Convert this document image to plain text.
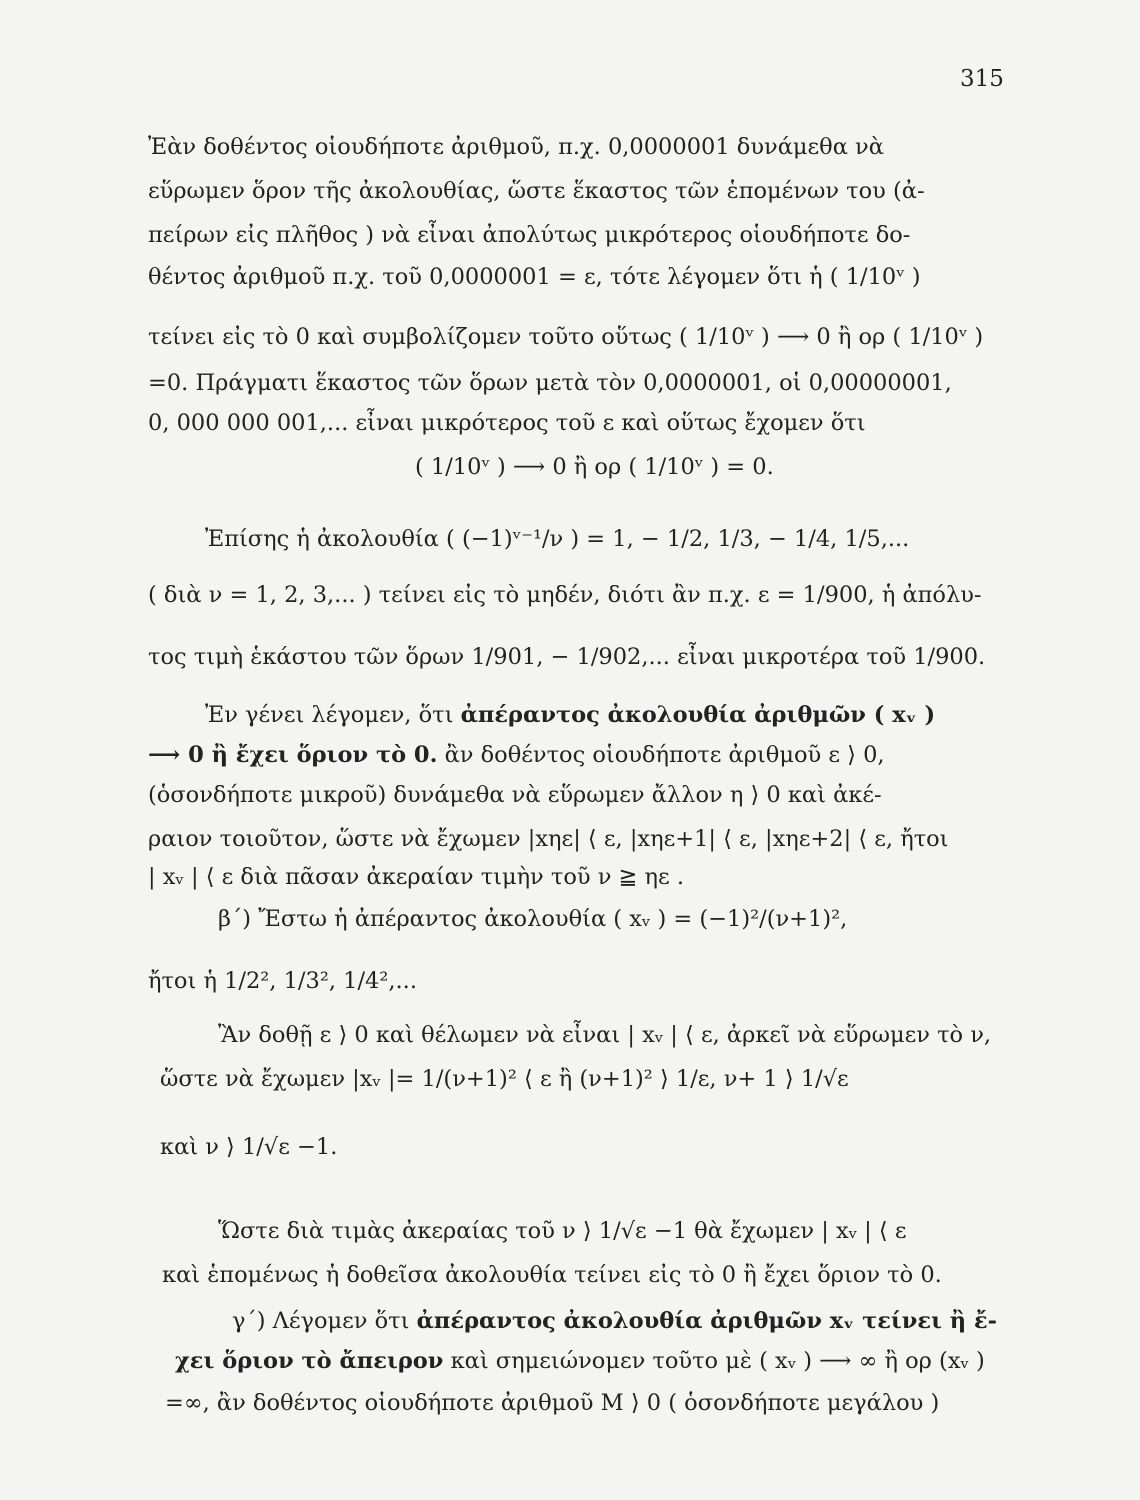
315
Ἐὰν δοθέντος οἱουδήποτε ἀριθμοῦ, π.χ. 0,0000001 δυνάμεθα νὰ
εὕρωμεν ὅρον τῆς ἀκολουθίας, ὥστε ἕκαστος τῶν ἑπομένων του (ἀ-
πείρων εἰς πλῆθος ) νὰ εἶναι ἀπολύτως μικρότερος οἱουδήποτε δο-
θέντος ἀριθμοῦ π.χ. τοῦ 0,0000001 = ε, τότε λέγομεν ὅτι ἡ ( 1/10ᵛ )
τείνει εἰς τὸ 0 καὶ συμβολίζομεν τοῦτο οὕτως ( 1/10ᵛ ) ⟶ 0 ἢ ορ ( 1/10ᵛ )
=0. Πράγματι ἕκαστος τῶν ὅρων μετὰ τὸν 0,0000001, οἱ 0,00000001,
0, 000 000 001,... εἶναι μικρότερος τοῦ ε καὶ οὕτως ἔχομεν ὅτι
( 1/10ᵛ ) ⟶ 0 ἢ ορ ( 1/10ᵛ ) = 0.
Ἐπίσης ἡ ἀκολουθία ( (−1)ᵛ⁻¹/ν ) = 1, − 1/2, 1/3, − 1/4, 1/5,...
( διὰ ν = 1, 2, 3,... ) τείνει εἰς τὸ μηδέν, διότι ἂν π.χ. ε = 1/900, ἡ ἀπόλυ-
τος τιμὴ ἑκάστου τῶν ὅρων 1/901, − 1/902,... εἶναι μικροτέρα τοῦ 1/900.
Ἐν γένει λέγομεν, ὅτι ἀπέραντος ἀκολουθία ἀριθμῶν ( xᵥ )
⟶ 0 ἢ ἔχει ὅριον τὸ 0. ἂν δοθέντος οἱουδήποτε ἀριθμοῦ ε ⟩ 0,
(ὁσονδήποτε μικροῦ) δυνάμεθα νὰ εὕρωμεν ἄλλον η ⟩ 0 καὶ ἀκέ-
ραιον τοιοῦτον, ὥστε νὰ ἔχωμεν |xηε| ⟨ ε, |xηε+1| ⟨ ε, |xηε+2| ⟨ ε, ἤτοι
| xᵥ | ⟨ ε διὰ πᾶσαν ἀκεραίαν τιμὴν τοῦ ν ≧ ηε .
β΄) Ἔστω ἡ ἀπέραντος ἀκολουθία ( xᵥ ) = (−1)²/(ν+1)²,
ἤτοι ἡ 1/2², 1/3², 1/4²,...
Ἂν δοθῇ ε ⟩ 0 καὶ θέλωμεν νὰ εἶναι | xᵥ | ⟨ ε, ἀρκεῖ νὰ εὕρωμεν τὸ ν,
ὥστε νὰ ἔχωμεν |xᵥ |= 1/(ν+1)² ⟨ ε ἢ (ν+1)² ⟩ 1/ε, ν+ 1 ⟩ 1/√ε
καὶ ν ⟩ 1/√ε −1.
Ὥστε διὰ τιμὰς ἀκεραίας τοῦ ν ⟩ 1/√ε −1 θὰ ἔχωμεν | xᵥ | ⟨ ε
καὶ ἑπομένως ἡ δοθεῖσα ἀκολουθία τείνει εἰς τὸ 0 ἢ ἔχει ὅριον τὸ 0.
γ΄) Λέγομεν ὅτι ἀπέραντος ἀκολουθία ἀριθμῶν xᵥ τείνει ἢ ἔ-
χει ὅριον τὸ ἄπειρον καὶ σημειώνομεν τοῦτο μὲ ( xᵥ ) ⟶ ∞ ἢ ορ (xᵥ )
=∞, ἂν δοθέντος οἱουδήποτε ἀριθμοῦ Μ ⟩ 0 ( ὁσονδήποτε μεγάλου )
